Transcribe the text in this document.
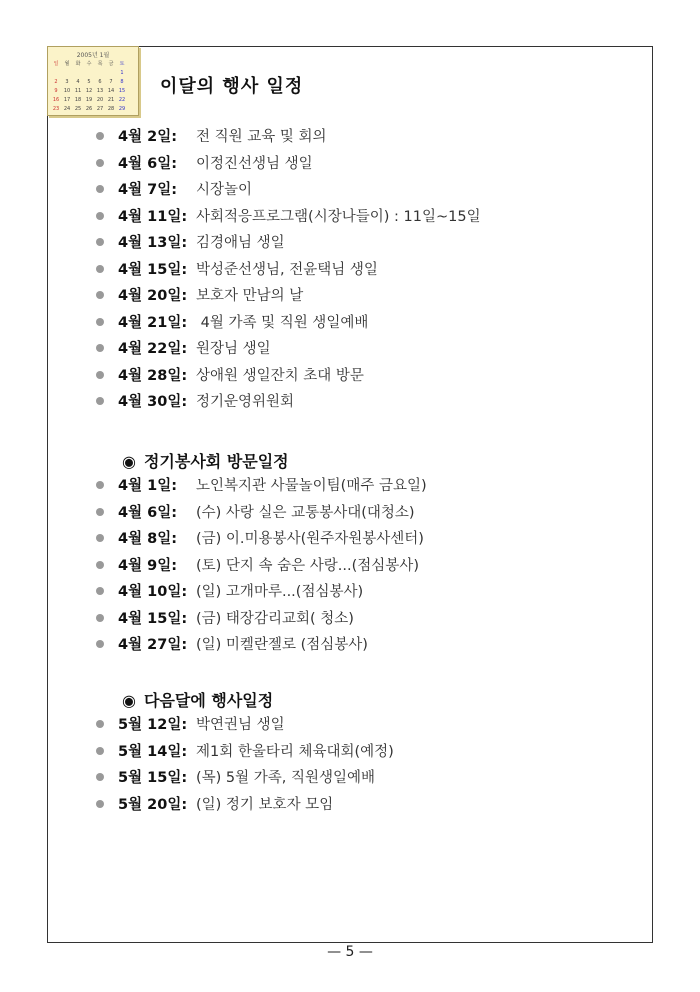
2005년 1월
일 월 화 수 목 금 토
1
2 3 4 5 6 7 8
9 10 11 12 13 14 15
16 17 18 19 20 21 22
23 24 25 26 27 28 29
이달의 행사 일정
4월 2일: 전 직원 교육 및 회의
4월 6일: 이정진선생님 생일
4월 7일: 시장놀이
4월 11일: 사회적응프로그램(시장나들이) : 11일~15일
4월 13일: 김경애님 생일
4월 15일: 박성준선생님, 전윤택님 생일
4월 20일: 보호자 만남의 날
4월 21일: 4월 가족 및 직원 생일예배
4월 22일: 원장님 생일
4월 28일: 상애원 생일잔치 초대 방문
4월 30일: 정기운영위원회
◉ 정기봉사회 방문일정
4월 1일: 노인복지관 사물놀이팀(매주 금요일)
4월 6일: (수) 사랑 실은 교통봉사대(대청소)
4월 8일: (금) 이.미용봉사(원주자원봉사센터)
4월 9일: (토) 단지 속 숨은 사랑...(점심봉사)
4월 10일: (일) 고개마루...(점심봉사)
4월 15일: (금) 태장감리교회( 청소)
4월 27일: (일) 미켈란젤로 (점심봉사)
◉ 다음달에 행사일정
5월 12일: 박연권님 생일
5월 14일: 제1회 한울타리 체육대회(예정)
5월 15일: (목) 5월 가족, 직원생일예배
5월 20일: (일) 정기 보호자 모임
— 5 —
